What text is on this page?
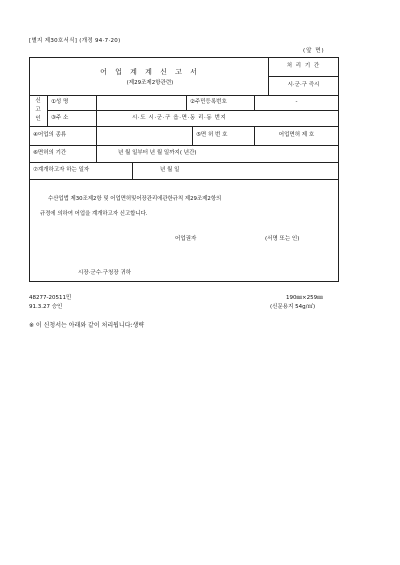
[별지 제30호서식] (개정 94·7·20)
(앞 면)
어 업 계 계 신 고 서
(제29조제2항관련)
처 리 기 간
시·군·구 즉시
신
고
인
①성 명	②주민등록번호	-
③주 소	시·도 시·군·구 읍·면·동 리·동 번지
④어업의 종류	⑤면 허 번 호	어업면허 제 호
⑥면허의 기간	년 월 일부터 년 월 일까지( 년간)
⑦계개하고자 하는 일자	년 월 일
수산업법 제30조제2항 및 어업면허및어장관리에관한규칙 제29조제2항의
규정에 의하여 어업을 계개하고자 신고합니다.
어업권자	(서명 또는 인)
시장·군수·구청장 귀하
48277-20511민
91.3.27 승인
190㎜×259㎜
(신문용지 54g/㎡)
※ 이 신청서는 아래와 같이 처리됩니다:생략
